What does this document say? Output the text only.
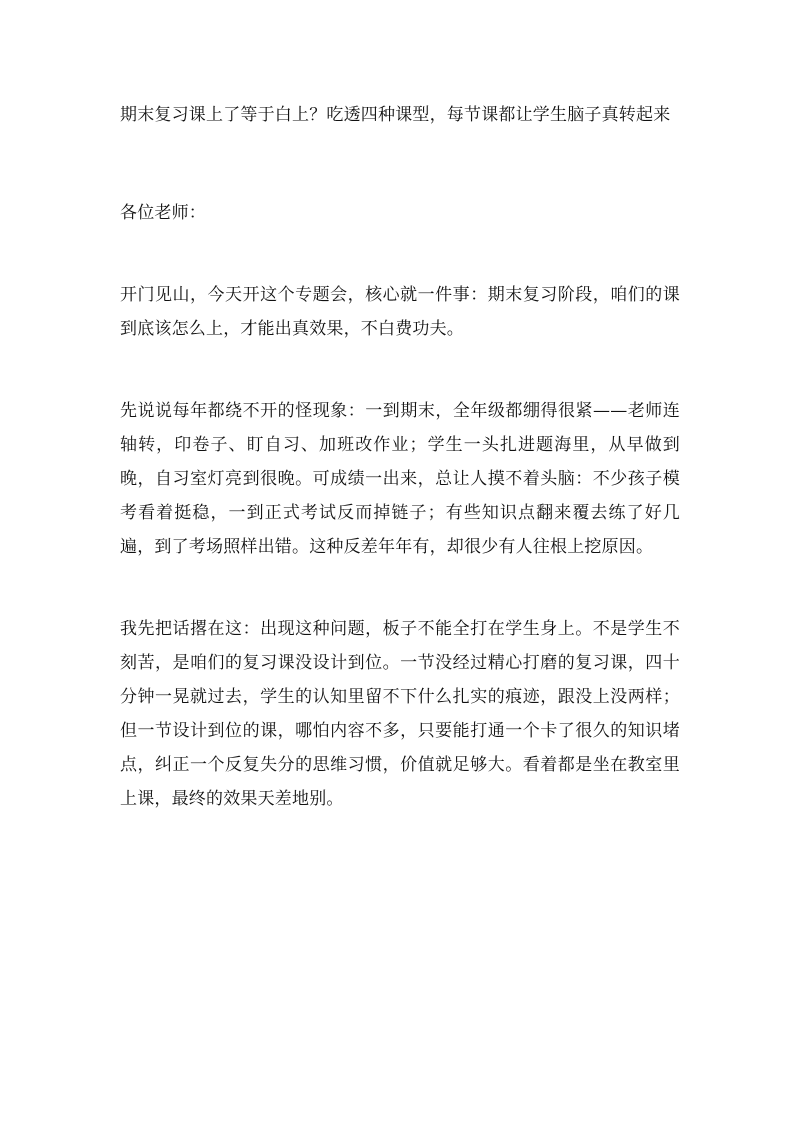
期末复习课上了等于白上？吃透四种课型，每节课都让学生脑子真转起来

各位老师：

开门见山，今天开这个专题会，核心就一件事：期末复习阶段，咱们的课到底该怎么上，才能出真效果，不白费功夫。

先说说每年都绕不开的怪现象：一到期末，全年级都绷得很紧——老师连轴转，印卷子、盯自习、加班改作业；学生一头扎进题海里，从早做到晚，自习室灯亮到很晚。可成绩一出来，总让人摸不着头脑：不少孩子模考看着挺稳，一到正式考试反而掉链子；有些知识点翻来覆去练了好几遍，到了考场照样出错。这种反差年年有，却很少有人往根上挖原因。

我先把话撂在这：出现这种问题，板子不能全打在学生身上。不是学生不刻苦，是咱们的复习课没设计到位。一节没经过精心打磨的复习课，四十分钟一晃就过去，学生的认知里留不下什么扎实的痕迹，跟没上没两样；但一节设计到位的课，哪怕内容不多，只要能打通一个卡了很久的知识堵点，纠正一个反复失分的思维习惯，价值就足够大。看着都是坐在教室里上课，最终的效果天差地别。
